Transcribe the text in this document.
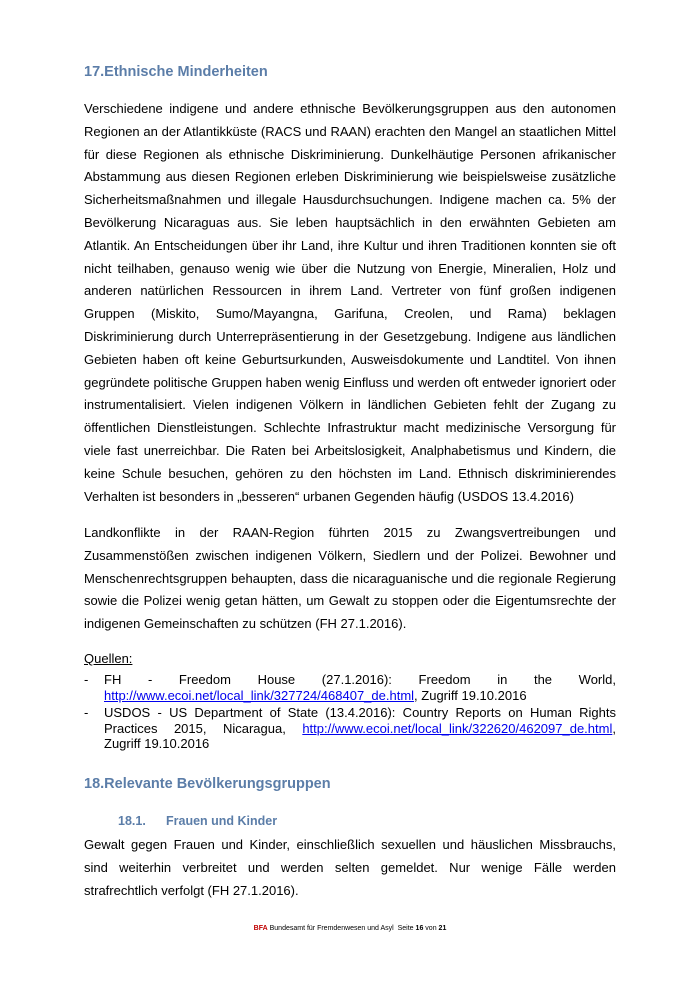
17.Ethnische Minderheiten

Verschiedene indigene und andere ethnische Bevölkerungsgruppen aus den autonomen Regionen an der Atlantikküste (RACS und RAAN) erachten den Mangel an staatlichen Mittel für diese Regionen als ethnische Diskriminierung. Dunkelhäutige Personen afrikanischer Abstammung aus diesen Regionen erleben Diskriminierung wie beispielsweise zusätzliche Sicherheitsmaßnahmen und illegale Hausdurchsuchungen. Indigene machen ca. 5% der Bevölkerung Nicaraguas aus. Sie leben hauptsächlich in den erwähnten Gebieten am Atlantik. An Entscheidungen über ihr Land, ihre Kultur und ihren Traditionen konnten sie oft nicht teilhaben, genauso wenig wie über die Nutzung von Energie, Mineralien, Holz und anderen natürlichen Ressourcen in ihrem Land. Vertreter von fünf großen indigenen Gruppen (Miskito, Sumo/Mayangna, Garifuna, Creolen, und Rama) beklagen Diskriminierung durch Unterrepräsentierung in der Gesetzgebung. Indigene aus ländlichen Gebieten haben oft keine Geburtsurkunden, Ausweisdokumente und Landtitel. Von ihnen gegründete politische Gruppen haben wenig Einfluss und werden oft entweder ignoriert oder instrumentalisiert. Vielen indigenen Völkern in ländlichen Gebieten fehlt der Zugang zu öffentlichen Dienstleistungen. Schlechte Infrastruktur macht medizinische Versorgung für viele fast unerreichbar. Die Raten bei Arbeitslosigkeit, Analphabetismus und Kindern, die keine Schule besuchen, gehören zu den höchsten im Land. Ethnisch diskriminierendes Verhalten ist besonders in „besseren“ urbanen Gegenden häufig (USDOS 13.4.2016)

Landkonflikte in der RAAN-Region führten 2015 zu Zwangsvertreibungen und Zusammenstößen zwischen indigenen Völkern, Siedlern und der Polizei. Bewohner und Menschenrechtsgruppen behaupten, dass die nicaraguanische und die regionale Regierung sowie die Polizei wenig getan hätten, um Gewalt zu stoppen oder die Eigentumsrechte der indigenen Gemeinschaften zu schützen (FH 27.1.2016).

Quellen:
- FH - Freedom House (27.1.2016): Freedom in the World, http://www.ecoi.net/local_link/327724/468407_de.html, Zugriff 19.10.2016
- USDOS - US Department of State (13.4.2016): Country Reports on Human Rights Practices 2015, Nicaragua, http://www.ecoi.net/local_link/322620/462097_de.html, Zugriff 19.10.2016
18.Relevante Bevölkerungsgruppen
18.1. Frauen und Kinder

Gewalt gegen Frauen und Kinder, einschließlich sexuellen und häuslichen Missbrauchs, sind weiterhin verbreitet und werden selten gemeldet. Nur wenige Fälle werden strafrechtlich verfolgt (FH 27.1.2016).

BFA Bundesamt für Fremdenwesen und Asyl Seite 16 von 21
